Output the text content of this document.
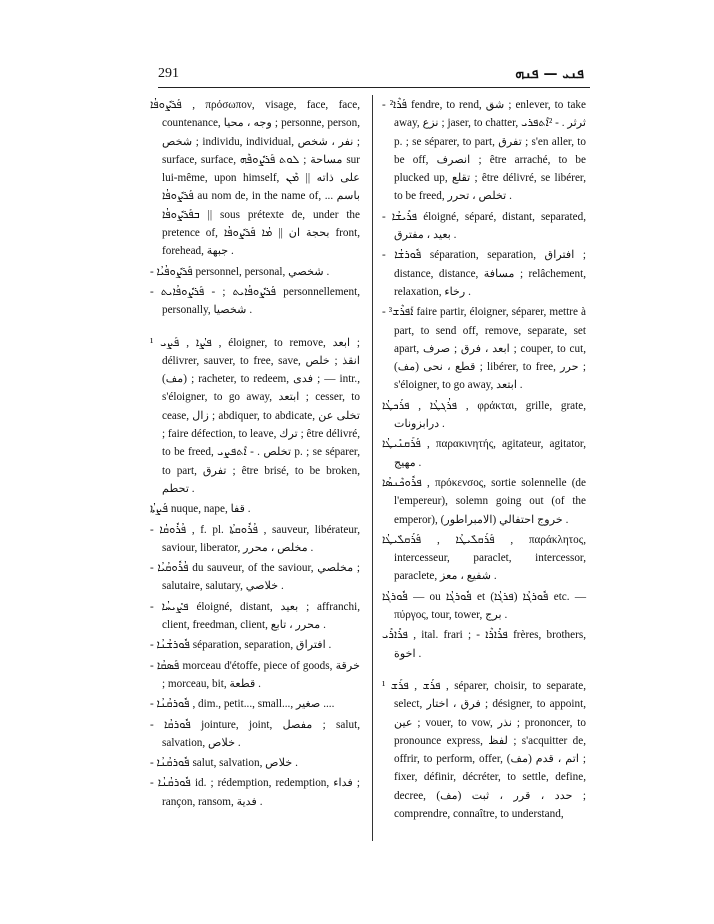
291	ܦܢܝ — ܦܢܗ

ܦܰܪܨܽܘܦܳܐ , πρόσωπον, visage, face, face, countenance, وجه ، محيا ; personne, person, شخص ; individu, individual, نفر ، شخص ; surface, surface, مساحة ; ܠܘܬ ܦܰܪܨܽܘܦܶܗ sur lui-même, upon himself, على ذاته || ܡܶܢ ܦܰܪܨܽܘܦܳܐ au nom de, in the name of, باسم ... || ܒܦܰܪܨܽܘܦܳܐ sous prétexte de, under the pretence of, بحجة ان || ܡܳܐ ܦܰܪܨܽܘܦܳܐ front, forehead, جبهة .

- ܦܰܪܨܽܘܦܳܝܳܐ personnel, personal, شخصي .

- ܦܰܪܨܽܘܦܳܐܝܬ ; - ܦܰܪܨܽܘܦܳܐܝܬ personnellement, personally, شخصيا .

¹ ܦܨܳܐ , ܦܰܨܝ , éloigner, to remove, ابعد ; délivrer, sauver, to free, save, انقذ ; خلص (مف) ; racheter, to redeem, فدى ; — intr., s'éloigner, to go away, ابتعد ; cesser, to cease, زال ; abdiquer, to abdicate, تخلى عن ; faire défection, to leave, ترك ; être délivré, to be freed, تخلص . - ܐܶܬܦܨܝ p. ; se séparer, to part, تفرق ; être brisé, to be broken, تحطم .

ܦܰܨܬܳܐ nuque, nape, قفا .

- ܦܳܪܽܘܩܳܐ , f. pl. ܦܳܪܽܘܩܬܳܐ , sauveur, libérateur, saviour, liberator, مخلص ، محرر .

- ܦܳܪܽܘܩܳܝܳܐ du sauveur, of the saviour, مخلصي ; salutaire, salutary, خلاصي .

- ܦܨܺܝܚܳܐ éloigné, distant, بعيد ; affranchi, client, freedman, client, محرر ، تابع .

- ܦܽܘܪܫܳܢܳܐ séparation, separation, افتراق .

- ܦܰܣܩܳܐ morceau d'étoffe, piece of goods, خرقة ; morceau, bit, قطعة .

- ܦܽܘܪܩܳܢܳܐ , dim., petit..., small..., صغير ....

- ܦܽܘܪܩܳܐ jointure, joint, مفصل ; salut, salvation, خلاص .

- ܦܽܘܪܩܳܢܳܐ salut, salvation, خلاص .

- ܦܽܘܪܩܳܢܳܐ id. ; rédemption, redemption, فداء ; rançon, ransom, فدية .

- ²ܦܰܪܶܐ fendre, to rend, شق ; enlever, to take away, نزع ; jaser, to chatter, ثرثر . - ²ܐܶܬܦܪܝ p. ; se séparer, to part, تفرق ; s'en aller, to be off, انصرف ; être arraché, to be plucked up, تقلع ; être délivré, se libérer, to be freed, تخلص ، تحرر .

- ܦܪܺܝܫܳܐ éloigné, séparé, distant, separated, بعيد ، مفترق .

- ܦܽܘܪܫܳܐ séparation, separation, افتراق ; distance, distance, مسافة ; relâchement, relaxation, رخاء .

- ³ܐܰܦܪܶܫ faire partir, éloigner, séparer, mettre à part, to send off, remove, separate, set apart, ابعد ، فرق ; صرف ; couper, to cut, قطع ، نحى (مف) ; libérer, to free, حرر ; s'éloigner, to go away, ابتعد .

ܦܪܳܓܛܳܐ , ܦܪܰܟܛܳܐ , φράκται, grille, grate, درابزونات .

ܦܰܪܰܩܢܺܝܛܳܐ , παρακινητής, agitateur, agitator, مهيج .

ܦܪܽܘܟܶܢܣܳܐ , πρόκενσος, sortie solennelle (de l'empereur), solemn going out (of the emperor), خروج احتفالي (الامبراطور) .

ܦܰܪܰܩܠܺܝܛܳܐ , ܦܰܪܰܩܠܺܝܛܳܐ , παράκλητος, intercesseur, paraclet, intercessor, paraclete, شفيع ، معز .

ܦܽܘܪܓܳܐ — ou ܦܽܘܪܓܳܐ et ܦܽܘܪܓܳܐ (ܦܪܓܳܐ) etc. — πύργος, tour, tower, برج .

ܦܪܺܐܪܺܝ , ital. frari ; - ܦܪܺܐܪܶܐ frères, brothers, اخوة .

¹ ܦܪܰܫ , ܦܪܰܫ , séparer, choisir, to separate, select, فرق ، اختار ; désigner, to appoint, عين ; vouer, to vow, نذر ; prononcer, to pronounce express, لفظ ; s'acquitter de, offrir, to perform, offer, اتم ، قدم (مف) ; fixer, définir, décréter, to settle, define, decree, حدد ، قرر ، ثبت (مف) ; comprendre, connaître, to understand,
